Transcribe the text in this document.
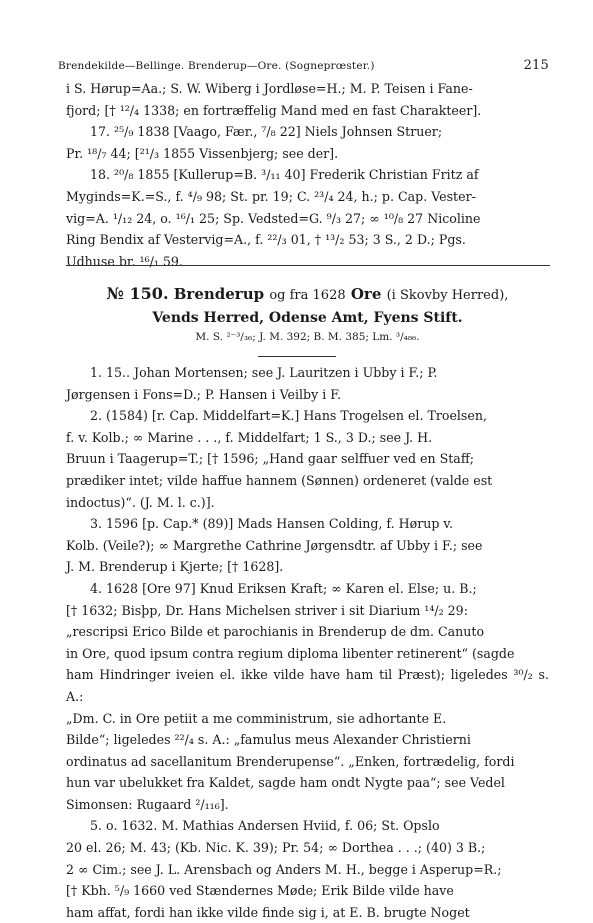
Brendekilde—Bellinge. Brenderup—Ore. (Sogneprœster.)	215

i S. Hørup=Aa.; S. W. Wiberg i Jordløse=H.; M. P. Teisen i Fane-

fjord; [† ¹²/₄ 1338; en fortræffelig Mand med en fast Charakteer].

17. ²⁵/₉ 1838 [Vaago, Fær., ⁷/₈ 22] Niels Johnsen Struer;

Pr. ¹⁸/₇ 44; [²¹/₃ 1855 Vissenbjerg; see der].

18. ²⁰/₈ 1855 [Kullerup=B. ³/₁₁ 40] Frederik Christian Fritz af

Myginds=K.=S., f. ⁴/₉ 98; St. pr. 19; C. ²³/₄ 24, h.; p. Cap. Vester-

vig=A. ¹/₁₂ 24, o. ¹⁶/₁ 25; Sp. Vedsted=G. ⁹/₃ 27; ∞ ¹⁰/₈ 27 Nicoline

Ring Bendix af Vestervig=A., f. ²²/₃ 01, † ¹³/₂ 53; 3 S., 2 D.; Pgs.

Udhuse br. ¹⁶/₁ 59.

№ 150. Brenderup og fra 1628 Ore (i Skovby Herred),
Vends Herred, Odense Amt, Fyens Stift.
M. S. ²⁻³/₃₆; J. M. 392; B. M. 385; Lm. ³/₄₈₆.

1. 15.. Johan Mortensen; see J. Lauritzen i Ubby i F.; P.

Jørgensen i Fons=D.; P. Hansen i Veilby i F.

2. (1584) [r. Cap. Middelfart=K.] Hans Trogelsen el. Troelsen,

f. v. Kolb.; ∞ Marine . . ., f. Middelfart; 1 S., 3 D.; see J. H.

Bruun i Taagerup=T.; [† 1596; „Hand gaar selffuer ved en Staff;

prædiker intet; vilde haffue hannem (Sønnen) ordeneret (valde est

indoctus)“. (J. M. l. c.)].

3. 1596 [p. Cap.* (89)] Mads Hansen Colding, f. Hørup v.

Kolb. (Veile?); ∞ Margrethe Cathrine Jørgensdtr. af Ubby i F.; see

J. M. Brenderup i Kjerte; [† 1628].

4. 1628 [Ore 97] Knud Eriksen Kraft; ∞ Karen el. Else; u. B.;

[† 1632; Bisþp, Dr. Hans Michelsen striver i sit Diarium ¹⁴/₂ 29:

„rescripsi Erico Bilde et parochianis in Brenderup de dm. Canuto

in Ore, quod ipsum contra regium diploma libenter retinerent“ (sagde

ham Hindringer iveien el. ikke vilde have ham til Præst); ligeledes ³⁰/₂ s. A.:

„Dm. C. in Ore petiit a me comministrum, sie adhortante E.

Bilde“; ligeledes ²²/₄ s. A.: „famulus meus Alexander Christierni

ordinatus ad sacellanitum Brenderupense“. „Enken, fortrædelig, fordi

hun var ubelukket fra Kaldet, sagde ham ondt Nygte paa“; see Vedel

Simonsen: Rugaard ²/₁₁₆].

5. o. 1632. M. Mathias Andersen Hviid, f. 06; St. Opslo

20 el. 26; M. 43; (Kb. Nic. K. 39); Pr. 54; ∞ Dorthea . . .; (40) 3 B.;

2 ∞ Cim.; see J. L. Arensbach og Anders M. H., begge i Asperup=R.;

[† Kbh. ⁵/₉ 1660 ved Stændernes Møde; Erik Bilde vilde have

ham affat, fordi han ikke vilde finde sig i, at E. B. brugte Noget
